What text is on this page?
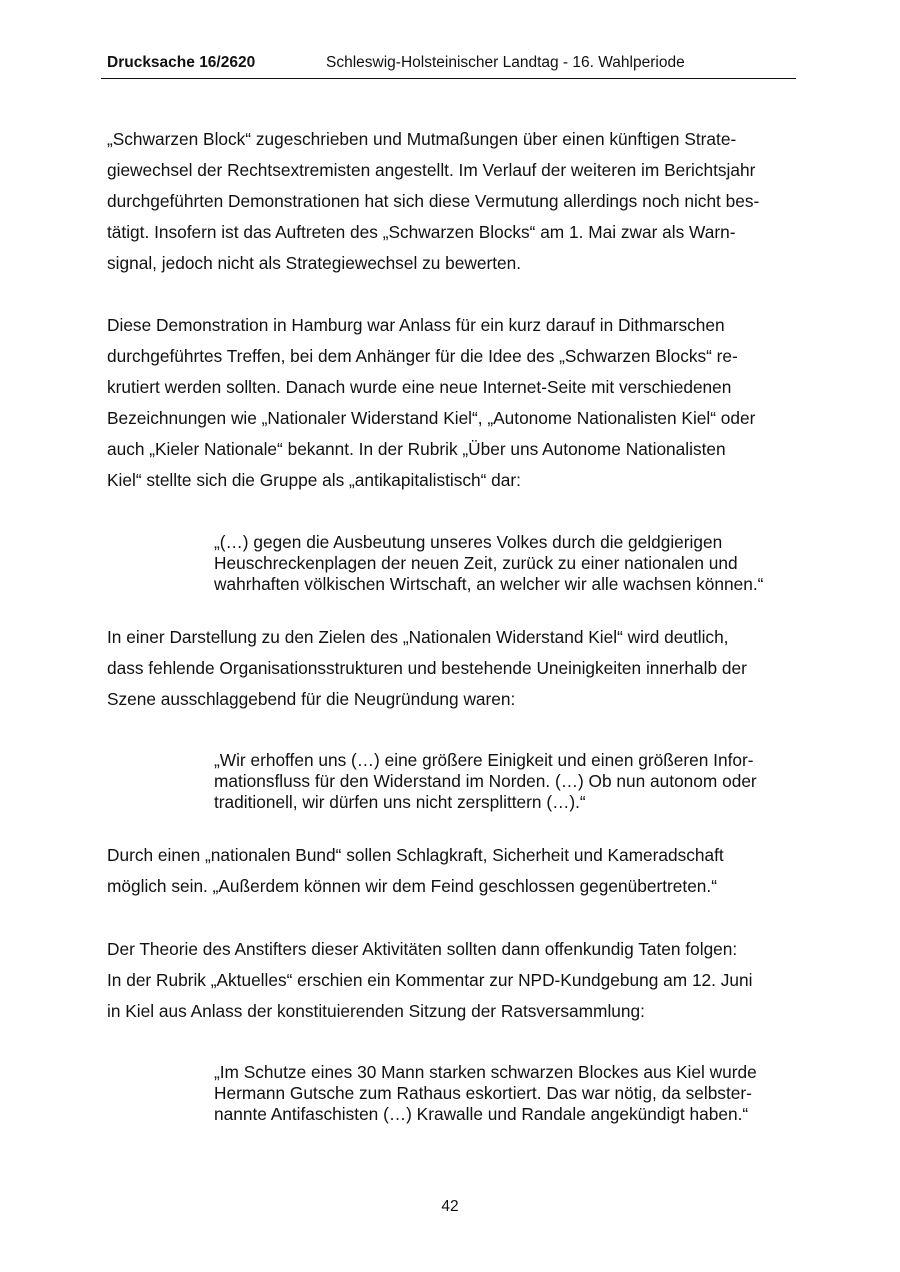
Drucksache 16/2620	Schleswig-Holsteinischer Landtag - 16. Wahlperiode

„Schwarzen Block“ zugeschrieben und Mutmaßungen über einen künftigen Strate-
giewechsel der Rechtsextremisten angestellt. Im Verlauf der weiteren im Berichtsjahr
durchgeführten Demonstrationen hat sich diese Vermutung allerdings noch nicht bes-
tätigt. Insofern ist das Auftreten des „Schwarzen Blocks“ am 1. Mai zwar als Warn-
signal, jedoch nicht als Strategiewechsel zu bewerten.

Diese Demonstration in Hamburg war Anlass für ein kurz darauf in Dithmarschen
durchgeführtes Treffen, bei dem Anhänger für die Idee des „Schwarzen Blocks“ re-
krutiert werden sollten. Danach wurde eine neue Internet-Seite mit verschiedenen
Bezeichnungen wie „Nationaler Widerstand Kiel“, „Autonome Nationalisten Kiel“ oder
auch „Kieler Nationale“ bekannt. In der Rubrik „Über uns Autonome Nationalisten
Kiel“ stellte sich die Gruppe als „antikapitalistisch“ dar:

„(…) gegen die Ausbeutung unseres Volkes durch die geldgierigen
Heuschreckenplagen der neuen Zeit, zurück zu einer nationalen und
wahrhaften völkischen Wirtschaft, an welcher wir alle wachsen können.“

In einer Darstellung zu den Zielen des „Nationalen Widerstand Kiel“ wird deutlich,
dass fehlende Organisationsstrukturen und bestehende Uneinigkeiten innerhalb der
Szene ausschlaggebend für die Neugründung waren:

„Wir erhoffen uns (…) eine größere Einigkeit und einen größeren Infor-
mationsfluss für den Widerstand im Norden. (…) Ob nun autonom oder
traditionell, wir dürfen uns nicht zersplittern (…).“

Durch einen „nationalen Bund“ sollen Schlagkraft, Sicherheit und Kameradschaft
möglich sein. „Außerdem können wir dem Feind geschlossen gegenübertreten.“

Der Theorie des Anstifters dieser Aktivitäten sollten dann offenkundig Taten folgen:
In der Rubrik „Aktuelles“ erschien ein Kommentar zur NPD-Kundgebung am 12. Juni
in Kiel aus Anlass der konstituierenden Sitzung der Ratsversammlung:

„Im Schutze eines 30 Mann starken schwarzen Blockes aus Kiel wurde
Hermann Gutsche zum Rathaus eskortiert. Das war nötig, da selbster-
nannte Antifaschisten (…) Krawalle und Randale angekündigt haben.“
42
